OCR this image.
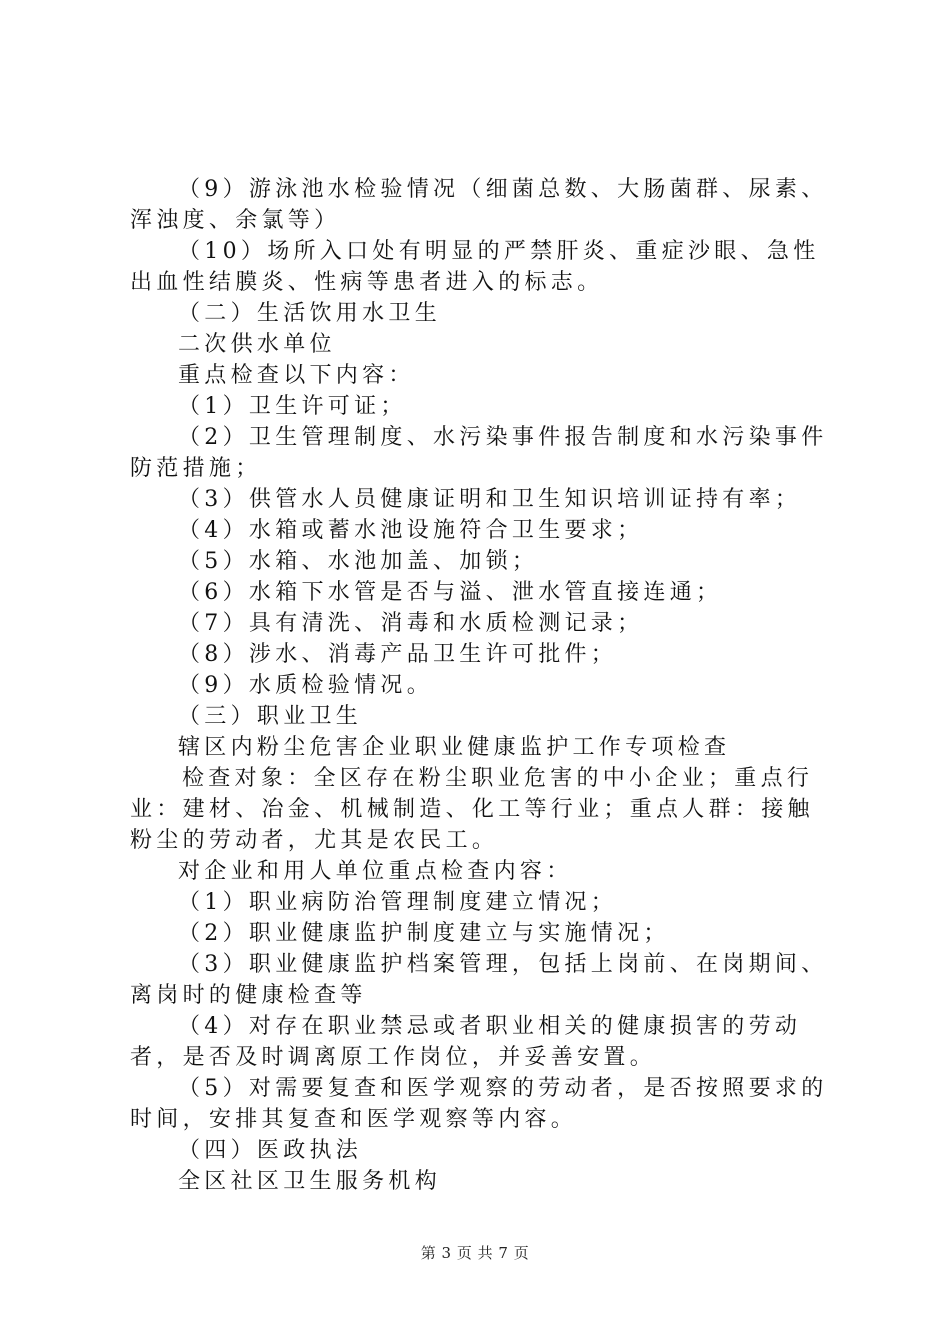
（9）游泳池水检验情况（细菌总数、大肠菌群、尿素、浑浊度、余氯等）

（10）场所入口处有明显的严禁肝炎、重症沙眼、急性出血性结膜炎、性病等患者进入的标志。

（二）生活饮用水卫生

二次供水单位

重点检查以下内容：

（1）卫生许可证；

（2）卫生管理制度、水污染事件报告制度和水污染事件防范措施；

（3）供管水人员健康证明和卫生知识培训证持有率；

（4）水箱或蓄水池设施符合卫生要求；

（5）水箱、水池加盖、加锁；

（6）水箱下水管是否与溢、泄水管直接连通；

（7）具有清洗、消毒和水质检测记录；

（8）涉水、消毒产品卫生许可批件；

（9）水质检验情况。

（三）职业卫生

辖区内粉尘危害企业职业健康监护工作专项检查

检查对象：全区存在粉尘职业危害的中小企业；重点行业：建材、冶金、机械制造、化工等行业；重点人群：接触粉尘的劳动者，尤其是农民工。

对企业和用人单位重点检查内容：

（1）职业病防治管理制度建立情况；

（2）职业健康监护制度建立与实施情况；

（3）职业健康监护档案管理，包括上岗前、在岗期间、离岗时的健康检查等

（4）对存在职业禁忌或者职业相关的健康损害的劳动者，是否及时调离原工作岗位，并妥善安置。

（5）对需要复查和医学观察的劳动者，是否按照要求的时间，安排其复查和医学观察等内容。

（四）医政执法

全区社区卫生服务机构

第 3 页 共 7 页
